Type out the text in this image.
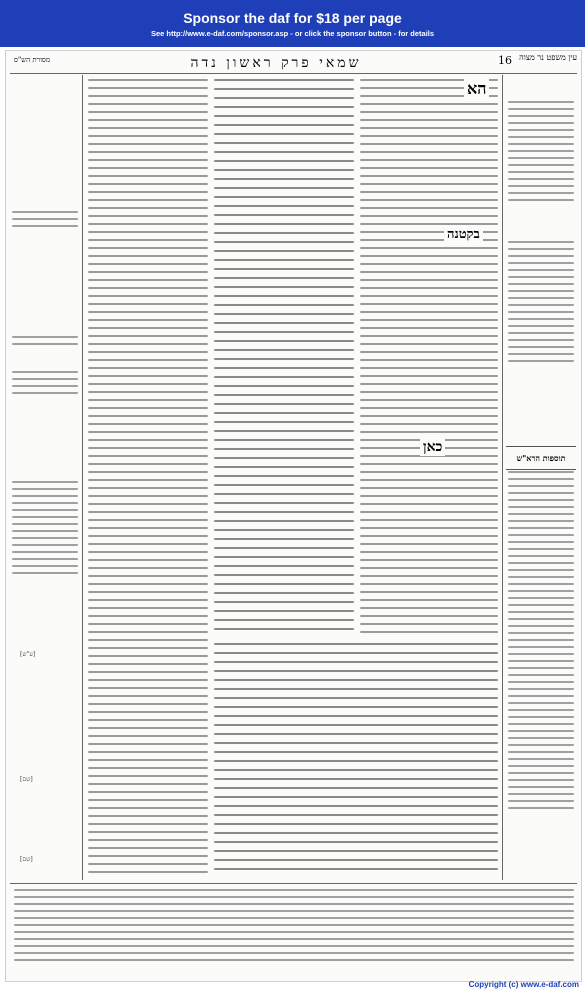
Sponsor the daf for $18 per page
See http://www.e-daf.com/sponsor.asp - or click the sponsor button - for details
מסורת הש"ס	שמאי פרק ראשון נדה	16 עין משפט נר מצוה
[ע"ש]
[שם]
[שם]
תוספות הרא"ש
הא
בקטנה
כאן
Copyright (c) www.e-daf.com
